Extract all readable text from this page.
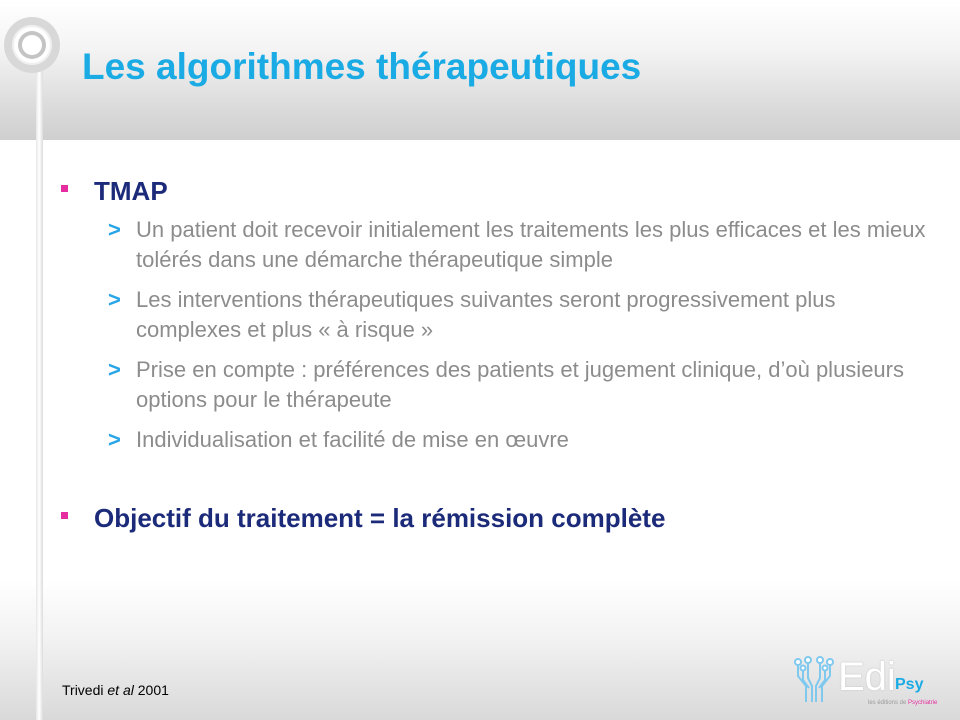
Les algorithmes thérapeutiques
TMAP
> Un patient doit recevoir initialement les traitements les plus efficaces et les mieux tolérés dans une démarche thérapeutique simple
> Les interventions thérapeutiques suivantes seront progressivement plus complexes et plus « à risque »
> Prise en compte : préférences des patients et jugement clinique, d’où plusieurs options pour le thérapeute
> Individualisation et facilité de mise en œuvre
Objectif du traitement = la rémission complète
Trivedi et al 2001	Edi Psy
les éditions de Psychiatrie
